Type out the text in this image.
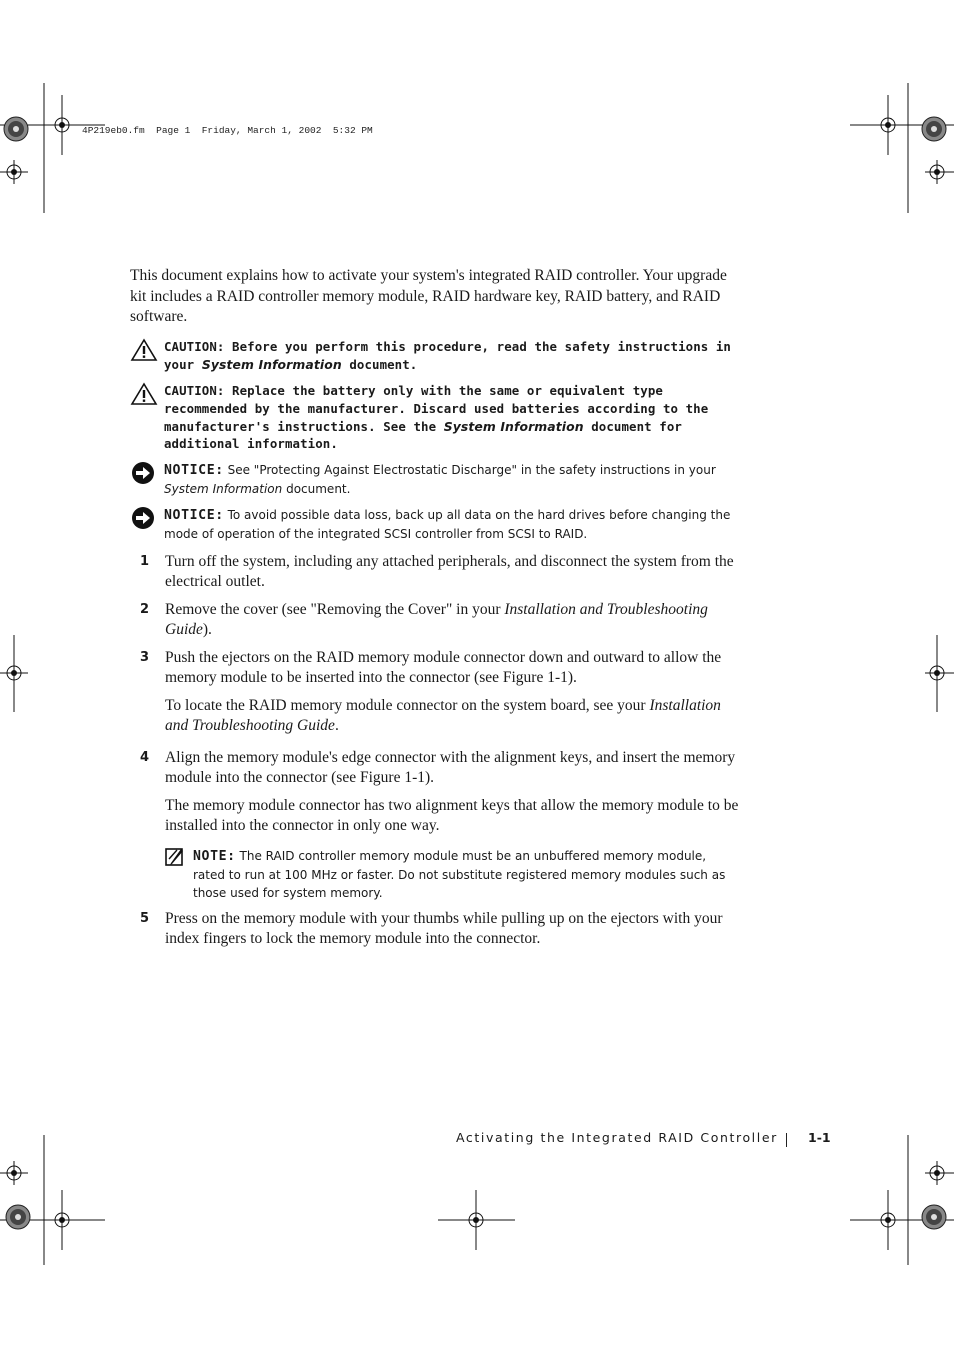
4P219eb0.fm  Page 1  Friday, March 1, 2002  5:32 PM

This document explains how to activate your system's integrated RAID controller. Your upgrade kit includes a RAID controller memory module, RAID hardware key, RAID battery, and RAID software.

CAUTION: Before you perform this procedure, read the safety instructions in your System Information document.
CAUTION: Replace the battery only with the same or equivalent type recommended by the manufacturer. Discard used batteries according to the manufacturer's instructions. See the System Information document for additional information.
NOTICE: See "Protecting Against Electrostatic Discharge" in the safety instructions in your System Information document.
NOTICE: To avoid possible data loss, back up all data on the hard drives before changing the mode of operation of the integrated SCSI controller from SCSI to RAID.
1 Turn off the system, including any attached peripherals, and disconnect the system from the electrical outlet.
2 Remove the cover (see "Removing the Cover" in your Installation and Troubleshooting Guide).
3 Push the ejectors on the RAID memory module connector down and outward to allow the memory module to be inserted into the connector (see Figure 1-1).
To locate the RAID memory module connector on the system board, see your Installation and Troubleshooting Guide.
4 Align the memory module's edge connector with the alignment keys, and insert the memory module into the connector (see Figure 1-1).
The memory module connector has two alignment keys that allow the memory module to be installed into the connector in only one way.
NOTE: The RAID controller memory module must be an unbuffered memory module, rated to run at 100 MHz or faster. Do not substitute registered memory modules such as those used for system memory.
5 Press on the memory module with your thumbs while pulling up on the ejectors with your index fingers to lock the memory module into the connector.
Activating the Integrated RAID Controller 1-1
